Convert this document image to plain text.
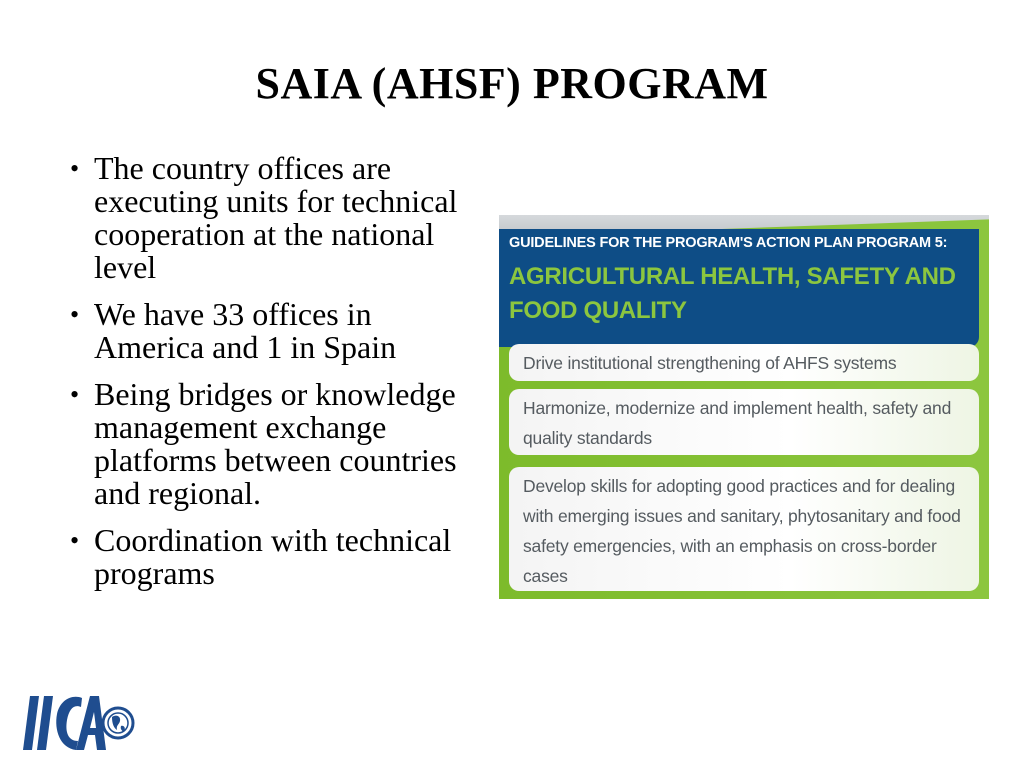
SAIA (AHSF) PROGRAM
• The country offices are executing units for technical cooperation at the national level
• We have 33 offices in America and 1 in Spain
• Being bridges or knowledge management exchange platforms between countries and regional.
• Coordination with technical programs
GUIDELINES FOR THE PROGRAM'S ACTION PLAN PROGRAM 5:
AGRICULTURAL HEALTH, SAFETY AND FOOD QUALITY
Drive institutional strengthening of AHFS systems
Harmonize, modernize and implement health, safety and quality standards
Develop skills for adopting good practices and for dealing with emerging issues and sanitary, phytosanitary and food safety emergencies, with an emphasis on cross-border cases
